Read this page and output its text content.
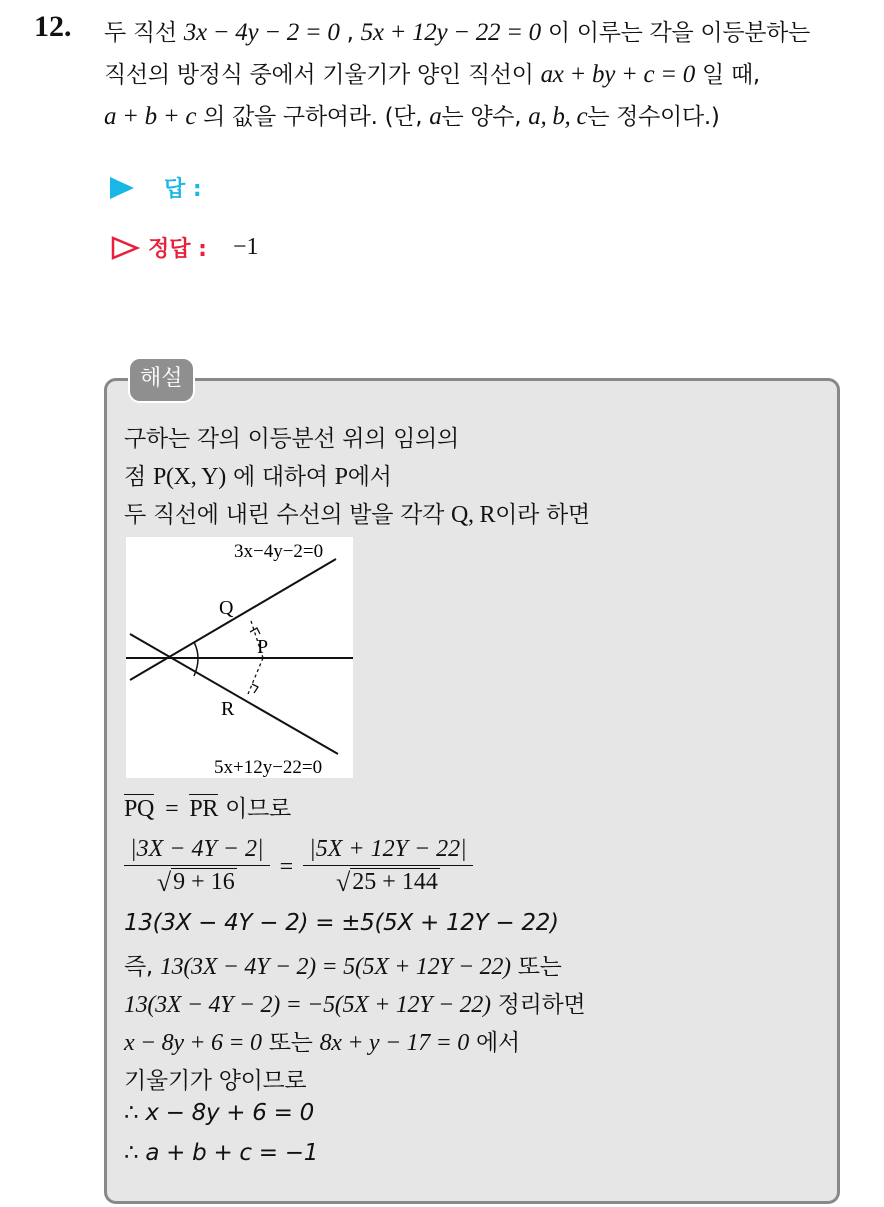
12. 두 직선 3x − 4y − 2 = 0 , 5x + 12y − 22 = 0 이 이루는 각을 이등분하는
직선의 방정식 중에서 기울기가 양인 직선이 ax + by + c = 0 일 때,
a + b + c 의 값을 구하여라. (단, a는 양수, a, b, c는 정수이다.)
답 :
정답 : −1
해설
구하는 각의 이등분선 위의 임의의
점 P(X, Y) 에 대하여 P에서
두 직선에 내린 수선의 발을 각각 Q, R이라 하면
3x−4y−2=0
5x+12y−22=0
Q
P
R
PQ = PR 이므로
$\frac{|3X - 4Y - 2|}{√ 9 + 16} = \frac{|5X + 12Y - 22|}{√ 25 + 144}$
13(3X − 4Y − 2) = ±5(5X + 12Y − 22)
즉, 13(3X − 4Y − 2) = 5(5X + 12Y − 22) 또는
13(3X − 4Y − 2) = −5(5X + 12Y − 22) 정리하면
x − 8y + 6 = 0 또는 8x + y − 17 = 0 에서
기울기가 양이므로
∴ x − 8y + 6 = 0
∴ a + b + c = −1
